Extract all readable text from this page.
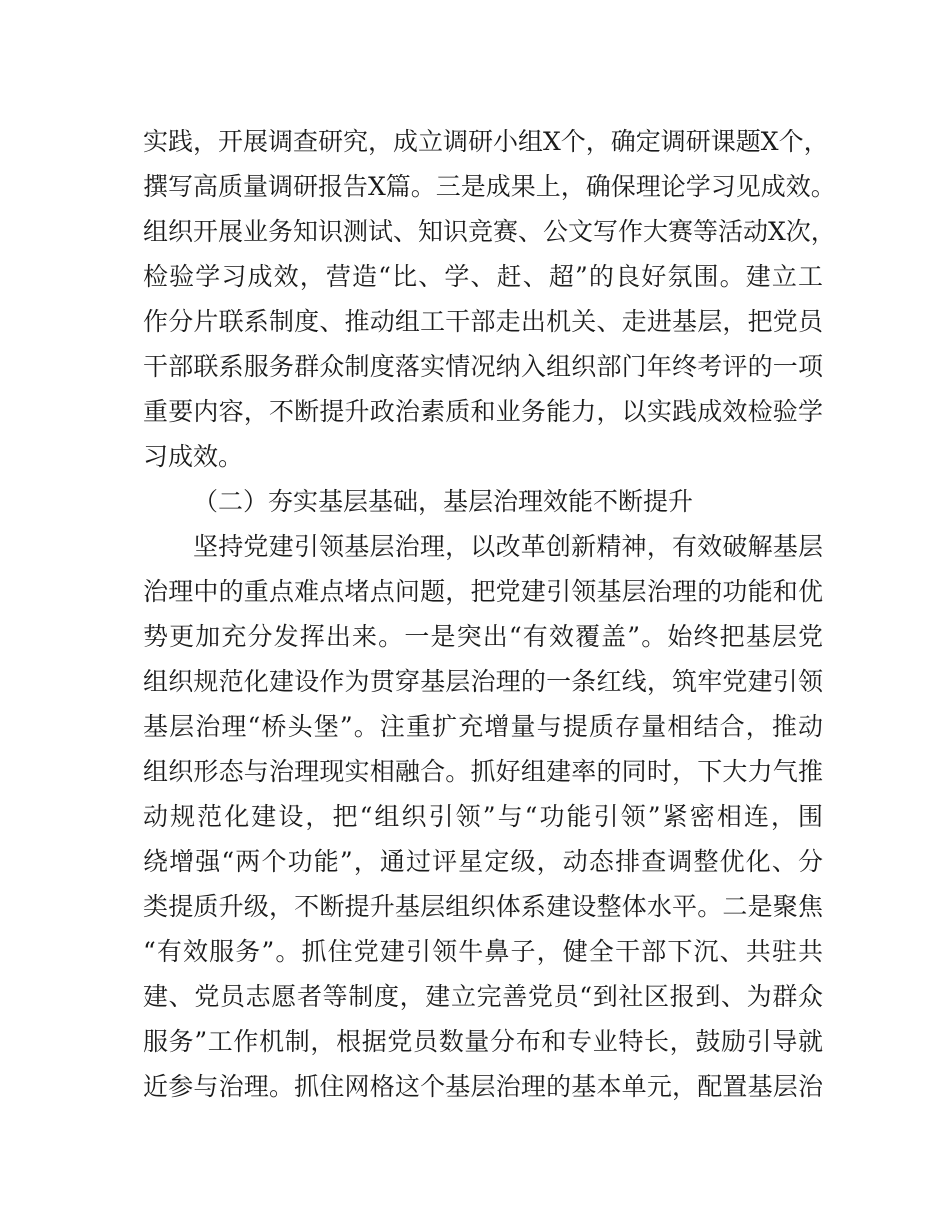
实践，开展调查研究，成立调研小组X个，确定调研课题X个，
撰写高质量调研报告X篇。三是成果上，确保理论学习见成效。
组织开展业务知识测试、知识竞赛、公文写作大赛等活动X次，
检验学习成效，营造“比、学、赶、超”的良好氛围。建立工
作分片联系制度、推动组工干部走出机关、走进基层，把党员
干部联系服务群众制度落实情况纳入组织部门年终考评的一项
重要内容，不断提升政治素质和业务能力，以实践成效检验学
习成效。
（二）夯实基层基础，基层治理效能不断提升
坚持党建引领基层治理，以改革创新精神，有效破解基层
治理中的重点难点堵点问题，把党建引领基层治理的功能和优
势更加充分发挥出来。一是突出“有效覆盖”。始终把基层党
组织规范化建设作为贯穿基层治理的一条红线，筑牢党建引领
基层治理“桥头堡”。注重扩充增量与提质存量相结合，推动
组织形态与治理现实相融合。抓好组建率的同时，下大力气推
动规范化建设，把“组织引领”与“功能引领”紧密相连，围
绕增强“两个功能”，通过评星定级，动态排查调整优化、分
类提质升级，不断提升基层组织体系建设整体水平。二是聚焦
“有效服务”。抓住党建引领牛鼻子，健全干部下沉、共驻共
建、党员志愿者等制度，建立完善党员“到社区报到、为群众
服务”工作机制，根据党员数量分布和专业特长，鼓励引导就
近参与治理。抓住网格这个基层治理的基本单元，配置基层治
